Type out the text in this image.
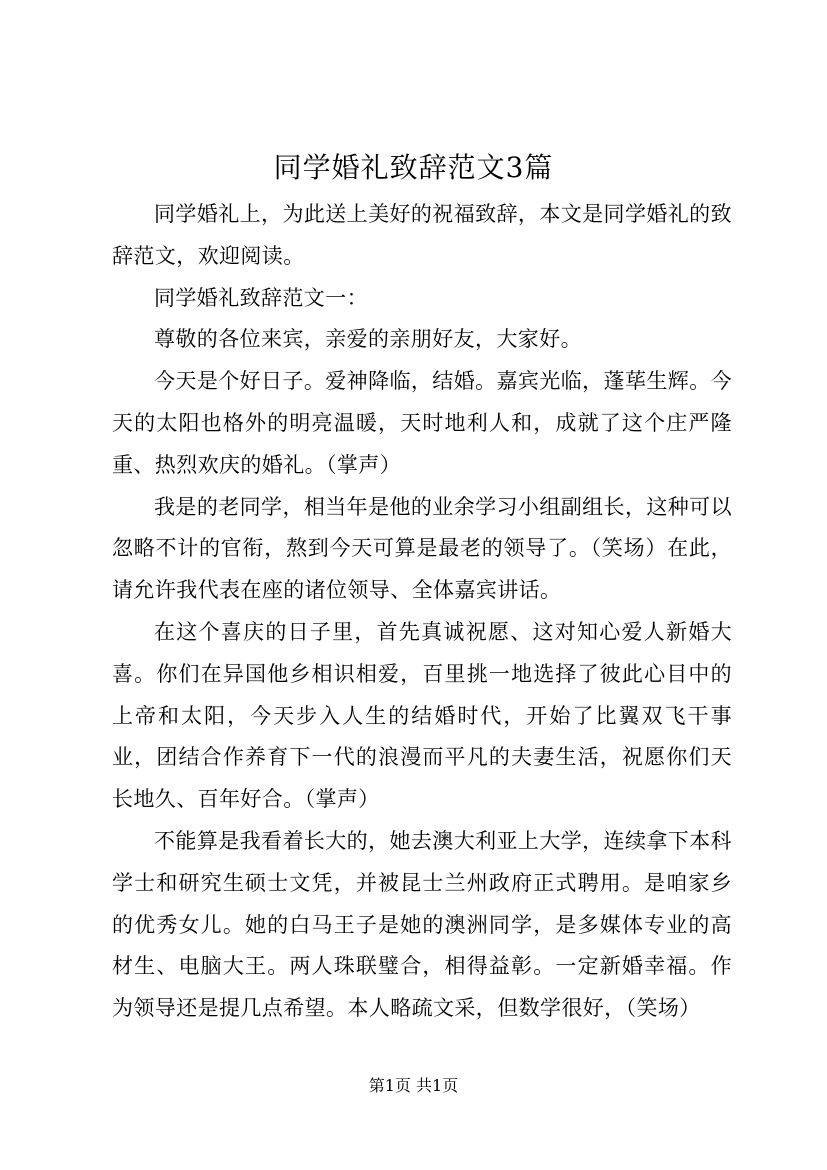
同学婚礼致辞范文3篇

同学婚礼上，为此送上美好的祝福致辞，本文是同学婚礼的致辞范文，欢迎阅读。

同学婚礼致辞范文一：

尊敬的各位来宾，亲爱的亲朋好友，大家好。

今天是个好日子。爱神降临，结婚。嘉宾光临，蓬荜生辉。今天的太阳也格外的明亮温暖，天时地利人和，成就了这个庄严隆重、热烈欢庆的婚礼。（掌声）

我是的老同学，相当年是他的业余学习小组副组长，这种可以忽略不计的官衔，熬到今天可算是最老的领导了。（笑场）在此，请允许我代表在座的诸位领导、全体嘉宾讲话。

在这个喜庆的日子里，首先真诚祝愿、这对知心爱人新婚大喜。你们在异国他乡相识相爱，百里挑一地选择了彼此心目中的上帝和太阳，今天步入人生的结婚时代，开始了比翼双飞干事业，团结合作养育下一代的浪漫而平凡的夫妻生活，祝愿你们天长地久、百年好合。（掌声）

不能算是我看着长大的，她去澳大利亚上大学，连续拿下本科学士和研究生硕士文凭，并被昆士兰州政府正式聘用。是咱家乡的优秀女儿。她的白马王子是她的澳洲同学，是多媒体专业的高材生、电脑大王。两人珠联璧合，相得益彰。一定新婚幸福。作为领导还是提几点希望。本人略疏文采，但数学很好，（笑场）

第1页 共1页
